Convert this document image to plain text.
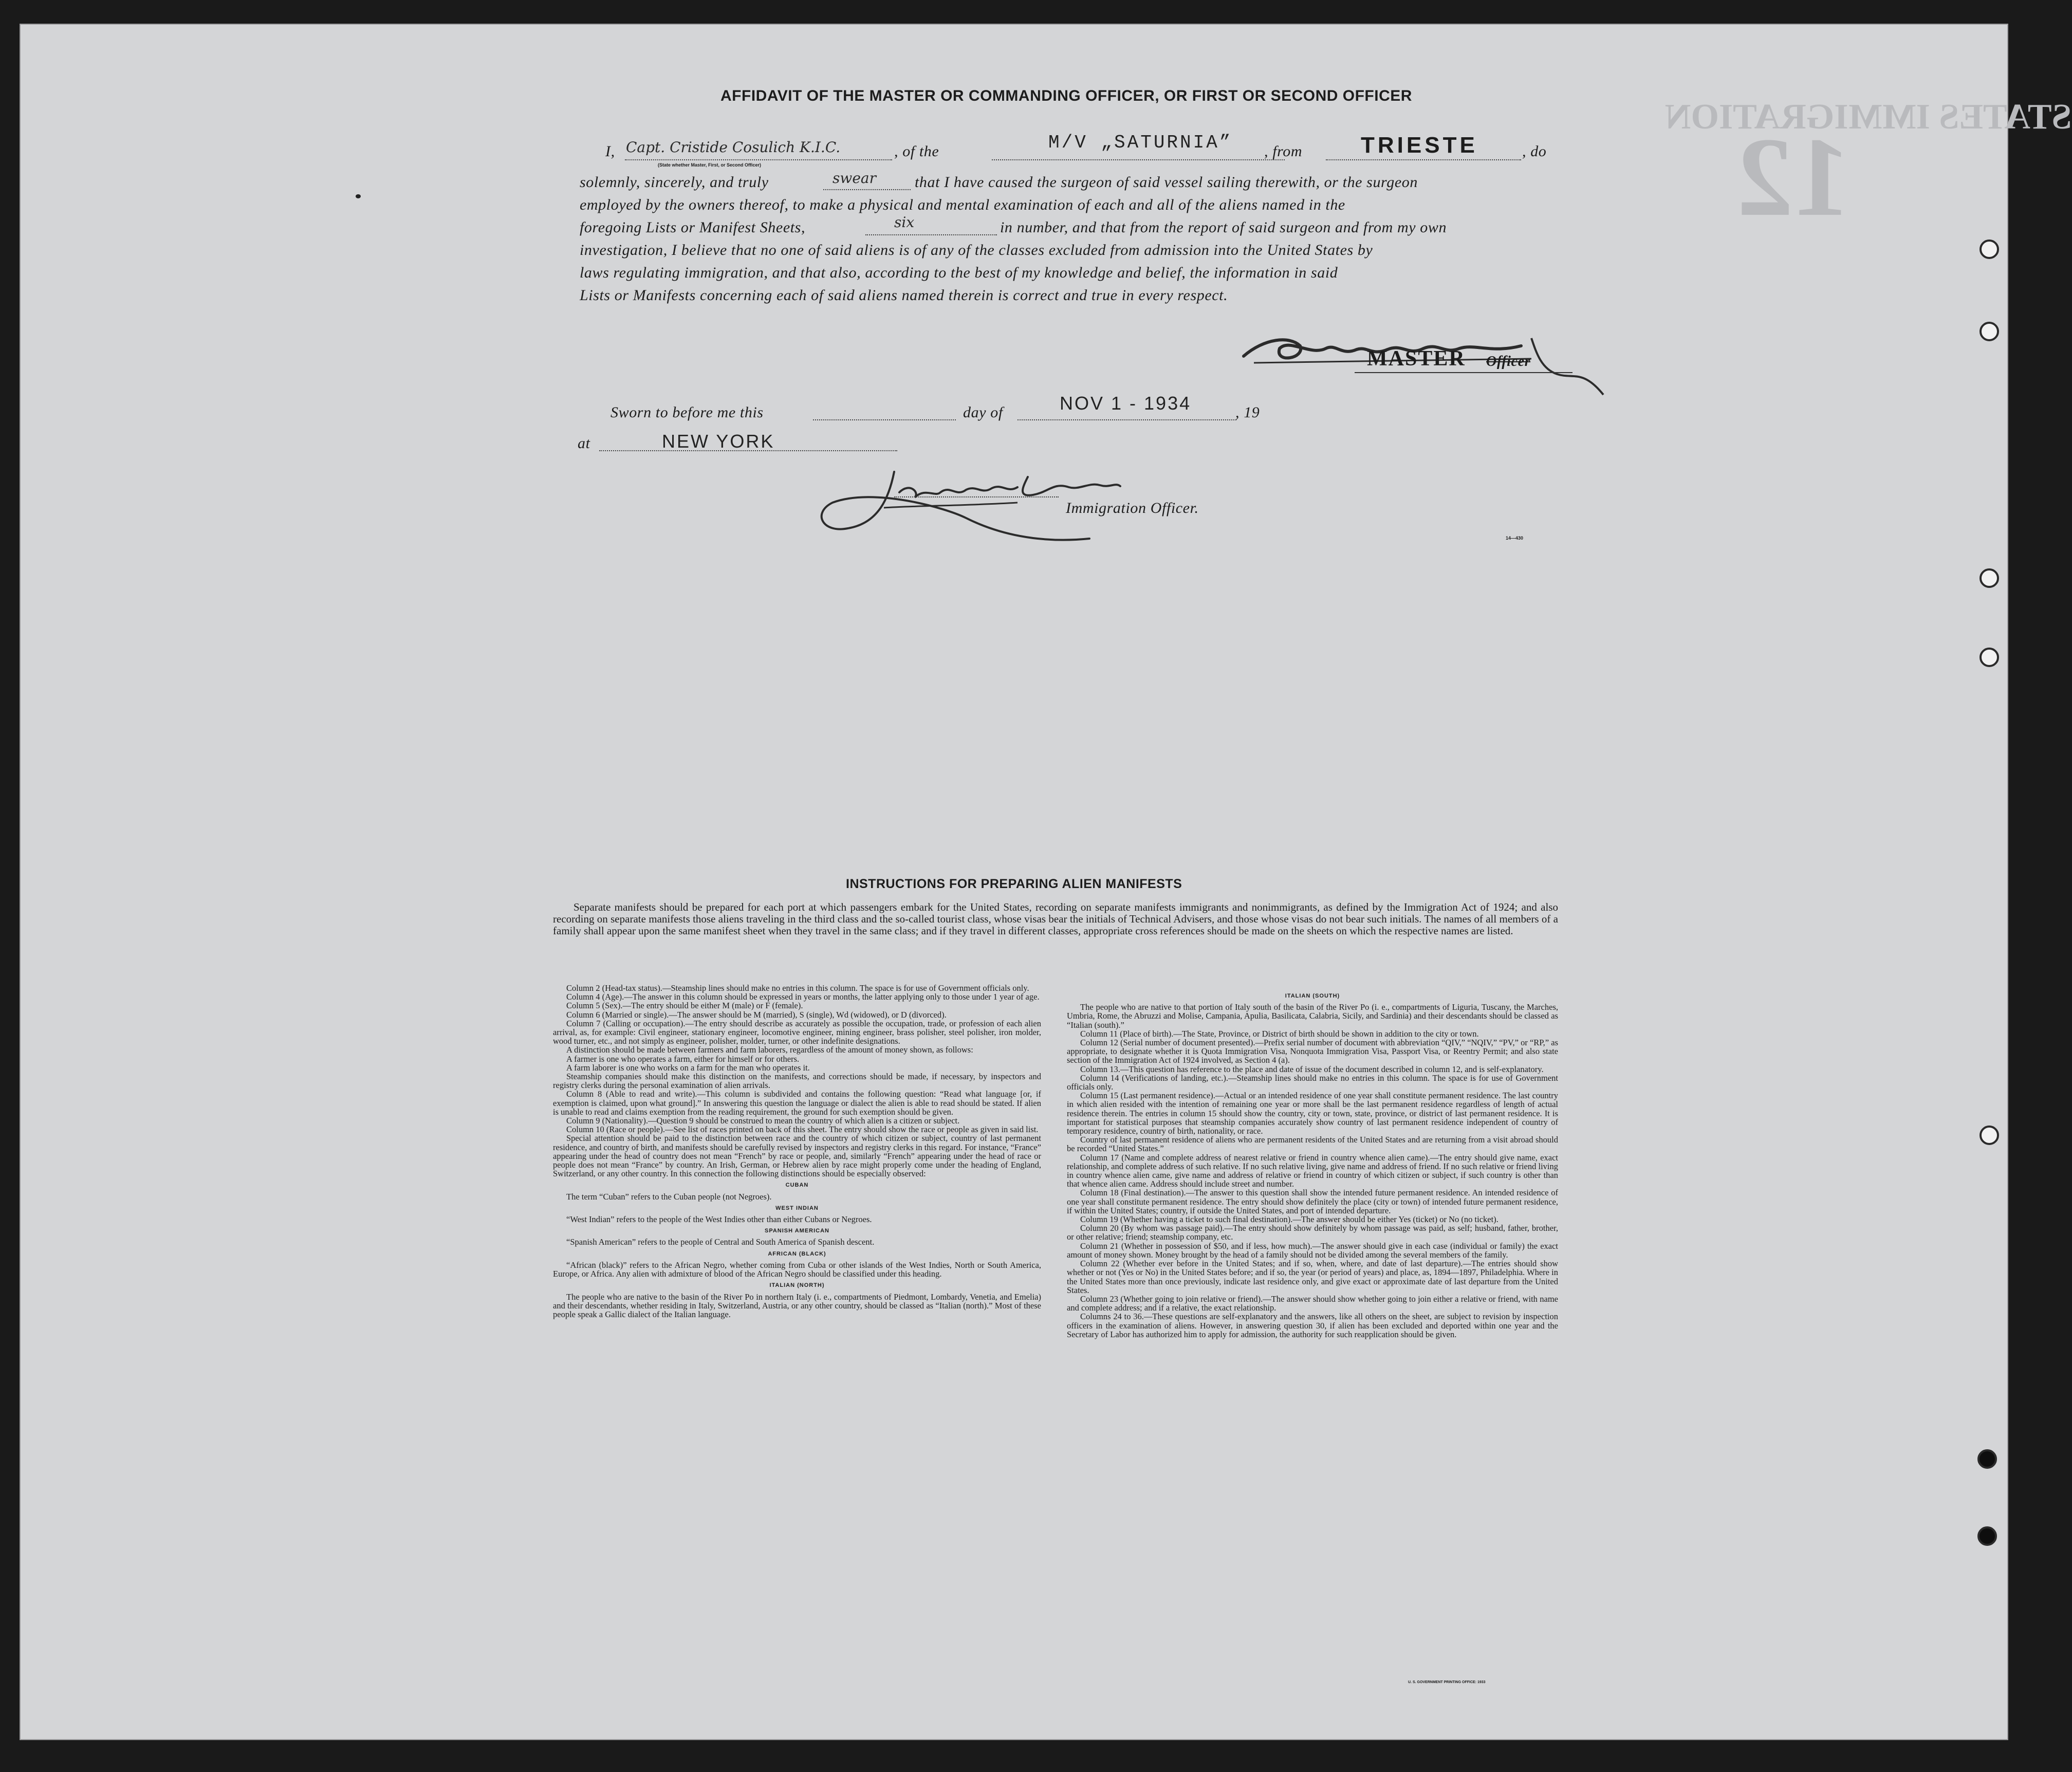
STATES IMMIGRATION
12
AFFIDAVIT OF THE MASTER OR COMMANDING OFFICER, OR FIRST OR SECOND OFFICER
I, Capt. Cristide Cosulich K.I.C.
(State whether Master, First, or Second Officer)
, of the	M/V „SATURNIA” , from	TRIESTE	, do
solemnly, sincerely, and truly	swear	that I have caused the surgeon of said vessel sailing therewith, or the surgeon
employed by the owners thereof, to make a physical and mental examination of each and all of the aliens named in the
foregoing Lists or Manifest Sheets,	six	in number, and that from the report of said surgeon and from my own
investigation, I believe that no one of said aliens is of any of the classes excluded from admission into the United States by
laws regulating immigration, and that also, according to the best of my knowledge and belief, the information in said
Lists or Manifests concerning each of said aliens named therein is correct and true in every respect.
MASTER Officer
Sworn to before me this	day of	NOV 1 - 1934	, 19
at	NEW YORK
Immigration Officer.
14—430
INSTRUCTIONS FOR PREPARING ALIEN MANIFESTS
Separate manifests should be prepared for each port at which passengers embark for the United States, recording on separate manifests immigrants and nonimmigrants, as defined by the Immigration Act of 1924; and also recording on separate manifests those aliens traveling in the third class and the so-called tourist class, whose visas bear the initials of Technical Advisers, and those whose visas do not bear such initials. The names of all members of a family shall appear upon the same manifest sheet when they travel in the same class; and if they travel in different classes, appropriate cross references should be made on the sheets on which the respective names are listed.

Column 2 (Head-tax status).—Steamship lines should make no entries in this column. The space is for use of Government officials only.

Column 4 (Age).—The answer in this column should be expressed in years or months, the latter applying only to those under 1 year of age.

Column 5 (Sex).—The entry should be either M (male) or F (female).

Column 6 (Married or single).—The answer should be M (married), S (single), Wd (widowed), or D (divorced).

Column 7 (Calling or occupation).—The entry should describe as accurately as possible the occupation, trade, or profession of each alien arrival, as, for example: Civil engineer, stationary engineer, locomotive engineer, mining engineer, brass polisher, steel polisher, iron molder, wood turner, etc., and not simply as engineer, polisher, molder, turner, or other indefinite designations.

A distinction should be made between farmers and farm laborers, regardless of the amount of money shown, as follows:

A farmer is one who operates a farm, either for himself or for others.

A farm laborer is one who works on a farm for the man who operates it.

Steamship companies should make this distinction on the manifests, and corrections should be made, if necessary, by inspectors and registry clerks during the personal examination of alien arrivals.

Column 8 (Able to read and write).—This column is subdivided and contains the following question: “Read what language [or, if exemption is claimed, upon what ground].” In answering this question the language or dialect the alien is able to read should be stated. If alien is unable to read and claims exemption from the reading requirement, the ground for such exemption should be given.

Column 9 (Nationality).—Question 9 should be construed to mean the country of which alien is a citizen or subject.

Column 10 (Race or people).—See list of races printed on back of this sheet. The entry should show the race or people as given in said list.

Special attention should be paid to the distinction between race and the country of which citizen or subject, country of last permanent residence, and country of birth, and manifests should be carefully revised by inspectors and registry clerks in this regard. For instance, “France” appearing under the head of country does not mean “French” by race or people, and, similarly “French” appearing under the head of race or people does not mean “France” by country. An Irish, German, or Hebrew alien by race might properly come under the heading of England, Switzerland, or any other country. In this connection the following distinctions should be especially observed:

CUBAN

The term “Cuban” refers to the Cuban people (not Negroes).

WEST INDIAN

“West Indian” refers to the people of the West Indies other than either Cubans or Negroes.

SPANISH AMERICAN

“Spanish American” refers to the people of Central and South America of Spanish descent.

AFRICAN (BLACK)

“African (black)” refers to the African Negro, whether coming from Cuba or other islands of the West Indies, North or South America, Europe, or Africa. Any alien with admixture of blood of the African Negro should be classified under this heading.

ITALIAN (NORTH)

The people who are native to the basin of the River Po in northern Italy (i. e., compartments of Piedmont, Lombardy, Venetia, and Emelia) and their descendants, whether residing in Italy, Switzerland, Austria, or any other country, should be classed as “Italian (north).” Most of these people speak a Gallic dialect of the Italian language.

ITALIAN (SOUTH)

The people who are native to that portion of Italy south of the basin of the River Po (i. e., compartments of Liguria, Tuscany, the Marches, Umbria, Rome, the Abruzzi and Molise, Campania, Apulia, Basilicata, Calabria, Sicily, and Sardinia) and their descendants should be classed as “Italian (south).”

Column 11 (Place of birth).—The State, Province, or District of birth should be shown in addition to the city or town.

Column 12 (Serial number of document presented).—Prefix serial number of document with abbreviation “QIV,” “NQIV,” “PV,” or “RP,” as appropriate, to designate whether it is Quota Immigration Visa, Nonquota Immigration Visa, Passport Visa, or Reentry Permit; and also state section of the Immigration Act of 1924 involved, as Section 4 (a).

Column 13.—This question has reference to the place and date of issue of the document described in column 12, and is self-explanatory.

Column 14 (Verifications of landing, etc.).—Steamship lines should make no entries in this column. The space is for use of Government officials only.

Column 15 (Last permanent residence).—Actual or an intended residence of one year shall constitute permanent residence. The last country in which alien resided with the intention of remaining one year or more shall be the last permanent residence regardless of length of actual residence therein. The entries in column 15 should show the country, city or town, state, province, or district of last permanent residence. It is important for statistical purposes that steamship companies accurately show country of last permanent residence independent of country of temporary residence, country of birth, nationality, or race.

Country of last permanent residence of aliens who are permanent residents of the United States and are returning from a visit abroad should be recorded “United States.”

Column 17 (Name and complete address of nearest relative or friend in country whence alien came).—The entry should give name, exact relationship, and complete address of such relative. If no such relative living, give name and address of friend. If no such relative or friend living in country whence alien came, give name and address of relative or friend in country of which citizen or subject, if such country is other than that whence alien came. Address should include street and number.

Column 18 (Final destination).—The answer to this question shall show the intended future permanent residence. An intended residence of one year shall constitute permanent residence. The entry should show definitely the place (city or town) of intended future permanent residence, if within the United States; country, if outside the United States, and port of intended departure.

Column 19 (Whether having a ticket to such final destination).—The answer should be either Yes (ticket) or No (no ticket).

Column 20 (By whom was passage paid).—The entry should show definitely by whom passage was paid, as self; husband, father, brother, or other relative; friend; steamship company, etc.

Column 21 (Whether in possession of $50, and if less, how much).—The answer should give in each case (individual or family) the exact amount of money shown. Money brought by the head of a family should not be divided among the several members of the family.

Column 22 (Whether ever before in the United States; and if so, when, where, and date of last departure).—The entries should show whether or not (Yes or No) in the United States before; and if so, the year (or period of years) and place, as, 1894—1897, Philadelphia. Where in the United States more than once previously, indicate last residence only, and give exact or approximate date of last departure from the United States.

Column 23 (Whether going to join relative or friend).—The answer should show whether going to join either a relative or friend, with name and complete address; and if a relative, the exact relationship.

Columns 24 to 36.—These questions are self-explanatory and the answers, like all others on the sheet, are subject to revision by inspection officers in the examination of aliens. However, in answering question 30, if alien has been excluded and deported within one year and the Secretary of Labor has authorized him to apply for admission, the authority for such reapplication should be given.

U. S. GOVERNMENT PRINTING OFFICE: 1933
